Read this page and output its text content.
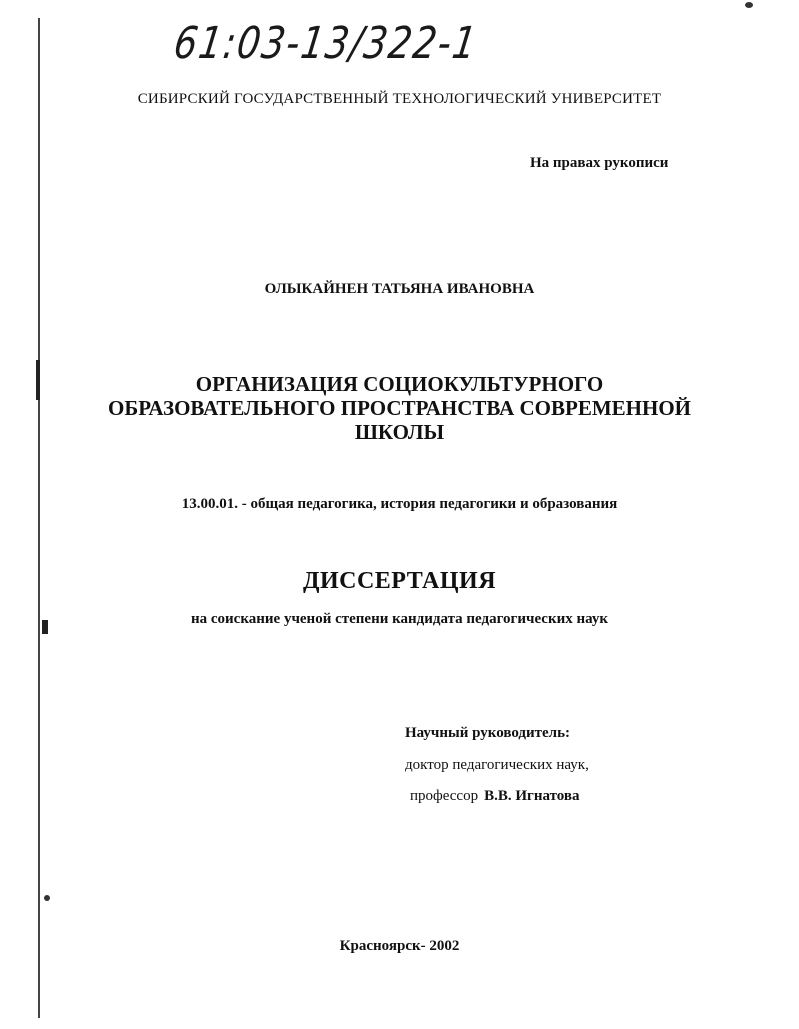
61:03-13/322-1
СИБИРСКИЙ ГОСУДАРСТВЕННЫЙ ТЕХНОЛОГИЧЕСКИЙ УНИВЕРСИТЕТ
На правах рукописи
ОЛЫКАЙНЕН ТАТЬЯНА ИВАНОВНА
ОРГАНИЗАЦИЯ СОЦИОКУЛЬТУРНОГО
ОБРАЗОВАТЕЛЬНОГО ПРОСТРАНСТВА СОВРЕМЕННОЙ
ШКОЛЫ
13.00.01. - общая педагогика, история педагогики и образования
ДИССЕРТАЦИЯ
на соискание ученой степени кандидата педагогических наук
Научный руководитель:
доктор педагогических наук,
профессор В.В. Игнатова
Красноярск- 2002
